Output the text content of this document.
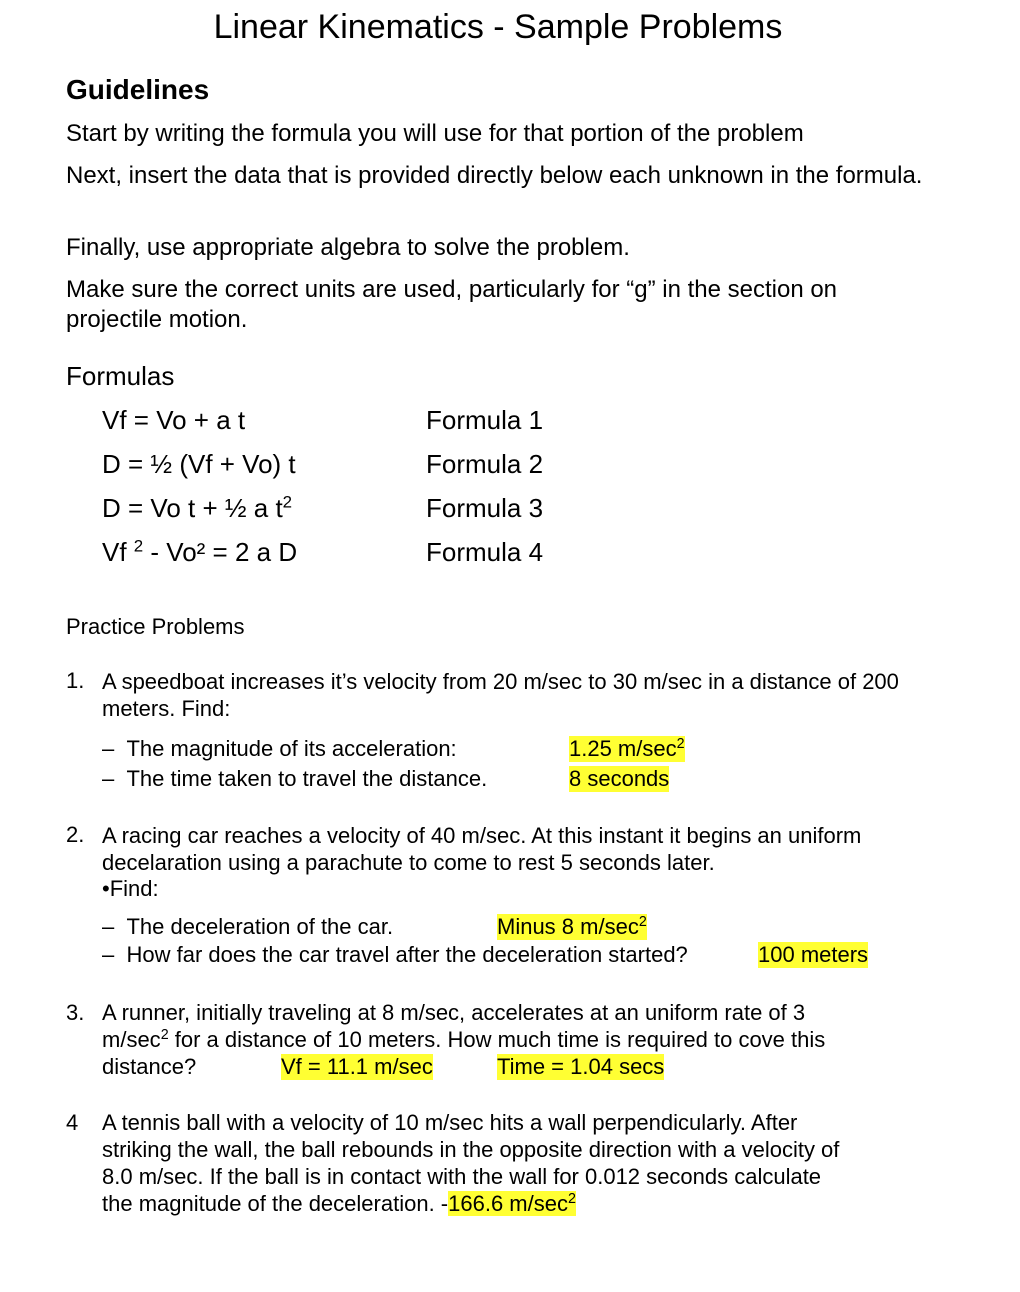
Linear Kinematics - Sample Problems
Guidelines
Start by writing the formula you will use for that portion of the problem
Next, insert the data that is provided directly below each unknown in the formula.
Finally, use appropriate algebra to solve the problem.
Make sure the correct units are used, particularly for “g” in the section on projectile motion.
Formulas
Vf = Vo + a t	Formula 1
D = ½ (Vf + Vo) t	Formula 2
D = Vo t + ½ a $t^2$	Formula 3
Vf $^2$ - Vo² = 2 a D	Formula 4
Practice Problems
1. A speedboat increases it’s velocity from 20 m/sec to 30 m/sec in a distance of 200 meters. Find:
– The magnitude of its acceleration:	1.25 $m/\sec^2$
– The time taken to travel the distance.	8 seconds
2. A racing car reaches a velocity of 40 m/sec. At this instant it begins an uniform decelaration using a parachute to come to rest 5 seconds later.
•Find:
– The deceleration of the car.	Minus 8 $m/\sec^2$
– How far does the car travel after the deceleration started?	100 meters
3. A runner, initially traveling at 8 m/sec, accelerates at an uniform rate of 3
$m/\sec^2$ for a distance of 10 meters. How much time is required to cove this
distance?	Vf = 11.1 m/sec	Time = 1.04 secs
4 A tennis ball with a velocity of 10 m/sec hits a wall perpendicularly. After
striking the wall, the ball rebounds in the opposite direction with a velocity of
8.0 m/sec. If the ball is in contact with the wall for 0.012 seconds calculate
the magnitude of the deceleration. -166.6 $m/\sec^2$
